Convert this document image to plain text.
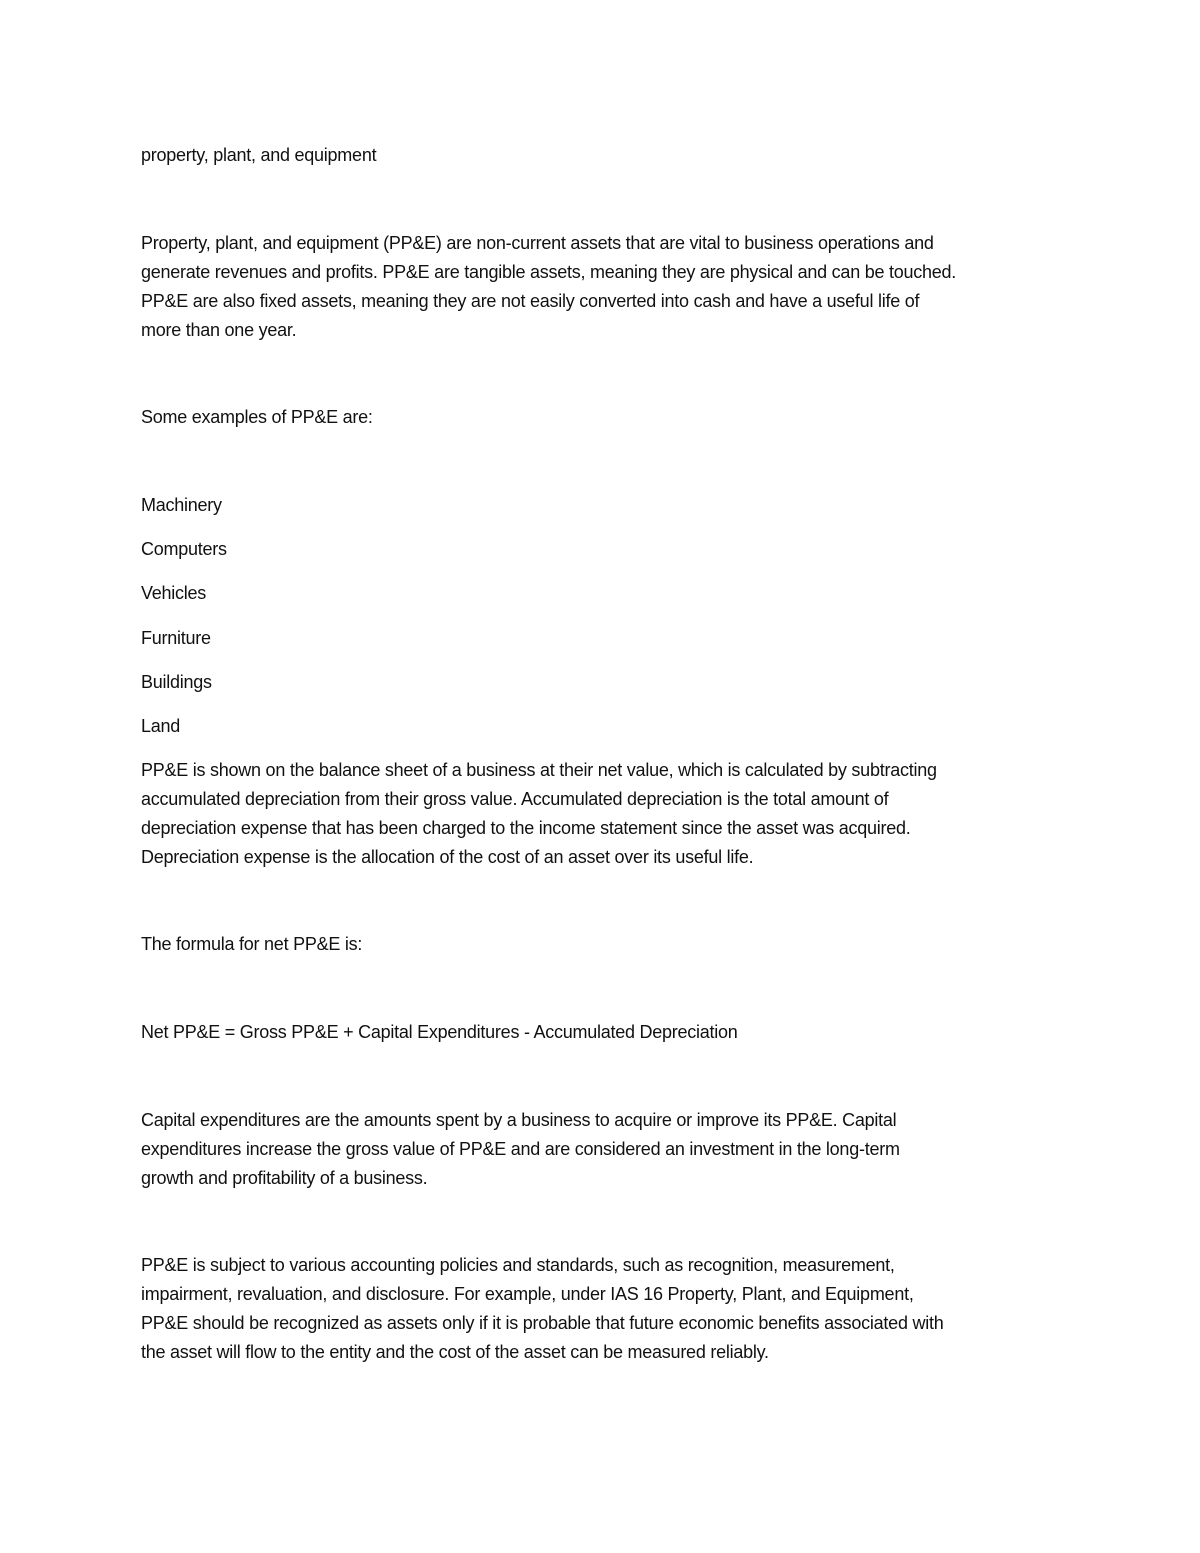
property, plant, and equipment
Property, plant, and equipment (PP&E) are non-current assets that are vital to business operations and
generate revenues and profits. PP&E are tangible assets, meaning they are physical and can be touched.
PP&E are also fixed assets, meaning they are not easily converted into cash and have a useful life of
more than one year.
Some examples of PP&E are:
Machinery
Computers
Vehicles
Furniture
Buildings
Land
PP&E is shown on the balance sheet of a business at their net value, which is calculated by subtracting
accumulated depreciation from their gross value. Accumulated depreciation is the total amount of
depreciation expense that has been charged to the income statement since the asset was acquired.
Depreciation expense is the allocation of the cost of an asset over its useful life.
The formula for net PP&E is:
Net PP&E = Gross PP&E + Capital Expenditures - Accumulated Depreciation
Capital expenditures are the amounts spent by a business to acquire or improve its PP&E. Capital
expenditures increase the gross value of PP&E and are considered an investment in the long-term
growth and profitability of a business.
PP&E is subject to various accounting policies and standards, such as recognition, measurement,
impairment, revaluation, and disclosure. For example, under IAS 16 Property, Plant, and Equipment,
PP&E should be recognized as assets only if it is probable that future economic benefits associated with
the asset will flow to the entity and the cost of the asset can be measured reliably.
